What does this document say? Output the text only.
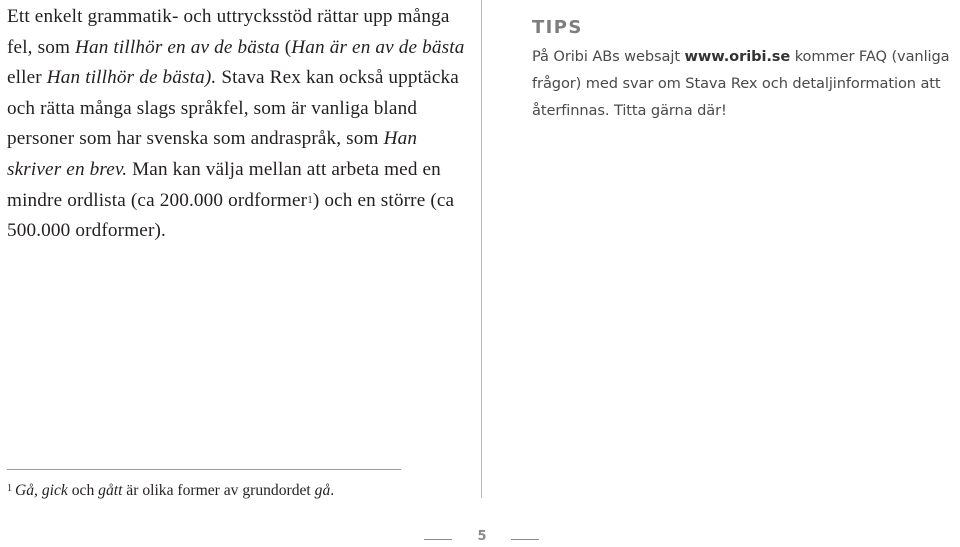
Ett enkelt grammatik- och uttrycksstöd rättar upp många fel, som Han tillhör en av de bästa (Han är en av de bästa eller Han tillhör de bästa). Stava Rex kan också upptäcka och rätta många slags språkfel, som är vanliga bland personer som har svenska som andraspråk, som Han skriver en brev. Man kan välja mellan att arbeta med en mindre ordlista (ca 200.000 ordformer$^1$) och en större (ca 500.000 ordformer).

TIPS

På Oribi ABs websajt www.oribi.se kommer FAQ (vanliga frågor) med svar om Stava Rex och detaljinformation att återfinnas. Titta gärna där!

$^1$ Gå, gick och gått är olika former av grundordet gå.

5
